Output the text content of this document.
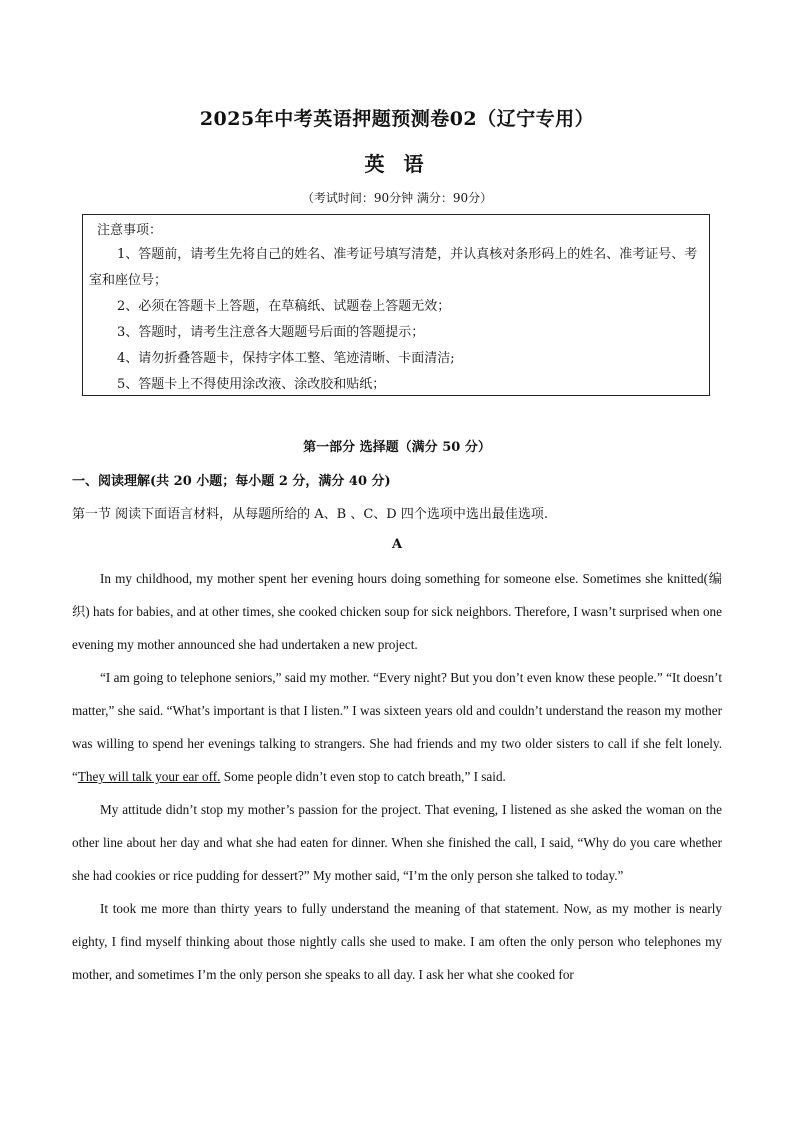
2025年中考英语押题预测卷02（辽宁专用）
英 语
（考试时间：90分钟 满分：90分）
注意事项：
1、答题前，请考生先将自己的姓名、准考证号填写清楚，并认真核对条形码上的姓名、准考证号、考室和座位号；
2、必须在答题卡上答题，在草稿纸、试题卷上答题无效；
3、答题时，请考生注意各大题题号后面的答题提示；
4、请勿折叠答题卡，保持字体工整、笔迹清晰、卡面清洁;
5、答题卡上不得使用涂改液、涂改胶和贴纸；
第一部分 选择题（满分 50 分）
一、阅读理解(共 20 小题；每小题 2 分，满分 40 分)
第一节 阅读下面语言材料，从每题所给的 A、B 、C、D 四个选项中选出最佳选项.
A

In my childhood, my mother spent her evening hours doing something for someone else. Sometimes she knitted(编织) hats for babies, and at other times, she cooked chicken soup for sick neighbors. Therefore, I wasn’t surprised when one evening my mother announced she had undertaken a new project.

“I am going to telephone seniors,” said my mother. “Every night? But you don’t even know these people.” “It doesn’t matter,” she said. “What’s important is that I listen.” I was sixteen years old and couldn’t understand the reason my mother was willing to spend her evenings talking to strangers. She had friends and my two older sisters to call if she felt lonely. “They will talk your ear off. Some people didn’t even stop to catch breath,” I said.

My attitude didn’t stop my mother’s passion for the project. That evening, I listened as she asked the woman on the other line about her day and what she had eaten for dinner. When she finished the call, I said, “Why do you care whether she had cookies or rice pudding for dessert?” My mother said, “I’m the only person she talked to today.”

It took me more than thirty years to fully understand the meaning of that statement. Now, as my mother is nearly eighty, I find myself thinking about those nightly calls she used to make. I am often the only person who telephones my mother, and sometimes I’m the only person she speaks to all day. I ask her what she cooked for
